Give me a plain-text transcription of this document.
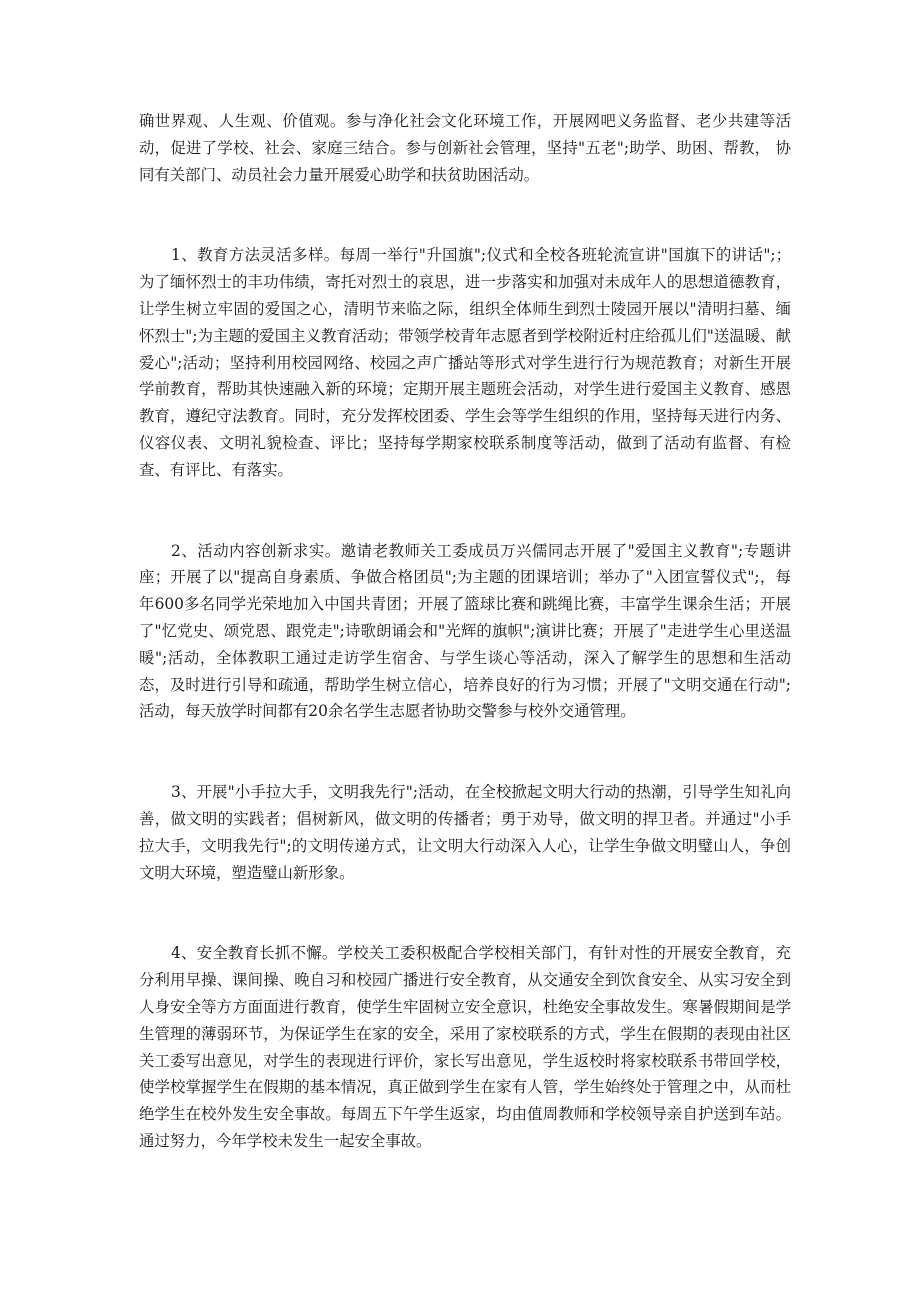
确世界观、人生观、价值观。参与净化社会文化环境工作，开展网吧义务监督、老少共建等活动，促进了学校、社会、家庭三结合。参与创新社会管理，坚持"五老";助学、助困、帮教， 协同有关部门、动员社会力量开展爱心助学和扶贫助困活动。

1、教育方法灵活多样。每周一举行"升国旗";仪式和全校各班轮流宣讲"国旗下的讲话";； 为了缅怀烈士的丰功伟绩，寄托对烈士的哀思，进一步落实和加强对未成年人的思想道德教育，让学生树立牢固的爱国之心，清明节来临之际，组织全体师生到烈士陵园开展以"清明扫墓、缅怀烈士";为主题的爱国主义教育活动；带领学校青年志愿者到学校附近村庄给孤儿们"送温暖、献爱心";活动；坚持利用校园网络、校园之声广播站等形式对学生进行行为规范教育；对新生开展学前教育，帮助其快速融入新的环境；定期开展主题班会活动，对学生进行爱国主义教育、感恩教育，遵纪守法教育。同时，充分发挥校团委、学生会等学生组织的作用，坚持每天进行内务、仪容仪表、文明礼貌检查、评比；坚持每学期家校联系制度等活动，做到了活动有监督、有检查、有评比、有落实。

2、活动内容创新求实。邀请老教师关工委成员万兴儒同志开展了"爱国主义教育";专题讲座；开展了以"提高自身素质、争做合格团员";为主题的团课培训；举办了"入团宣誓仪式";，每年600多名同学光荣地加入中国共青团；开展了篮球比赛和跳绳比赛，丰富学生课余生活；开展了"忆党史、颂党恩、跟党走";诗歌朗诵会和"光辉的旗帜";演讲比赛；开展了"走进学生心里送温暖";活动，全体教职工通过走访学生宿舍、与学生谈心等活动，深入了解学生的思想和生活动态，及时进行引导和疏通，帮助学生树立信心，培养良好的行为习惯；开展了"文明交通在行动";活动，每天放学时间都有20余名学生志愿者协助交警参与校外交通管理。

3、开展"小手拉大手，文明我先行";活动，在全校掀起文明大行动的热潮，引导学生知礼向善，做文明的实践者；倡树新风，做文明的传播者；勇于劝导，做文明的捍卫者。并通过"小手拉大手，文明我先行";的文明传递方式，让文明大行动深入人心，让学生争做文明璧山人，争创文明大环境，塑造璧山新形象。

4、安全教育长抓不懈。学校关工委积极配合学校相关部门，有针对性的开展安全教育，充分利用早操、课间操、晚自习和校园广播进行安全教育，从交通安全到饮食安全、从实习安全到人身安全等方方面面进行教育，使学生牢固树立安全意识，杜绝安全事故发生。寒暑假期间是学生管理的薄弱环节，为保证学生在家的安全，采用了家校联系的方式，学生在假期的表现由社区关工委写出意见，对学生的表现进行评价，家长写出意见，学生返校时将家校联系书带回学校，使学校掌握学生在假期的基本情况，真正做到学生在家有人管，学生始终处于管理之中，从而杜绝学生在校外发生安全事故。每周五下午学生返家，均由值周教师和学校领导亲自护送到车站。通过努力，今年学校未发生一起安全事故。
